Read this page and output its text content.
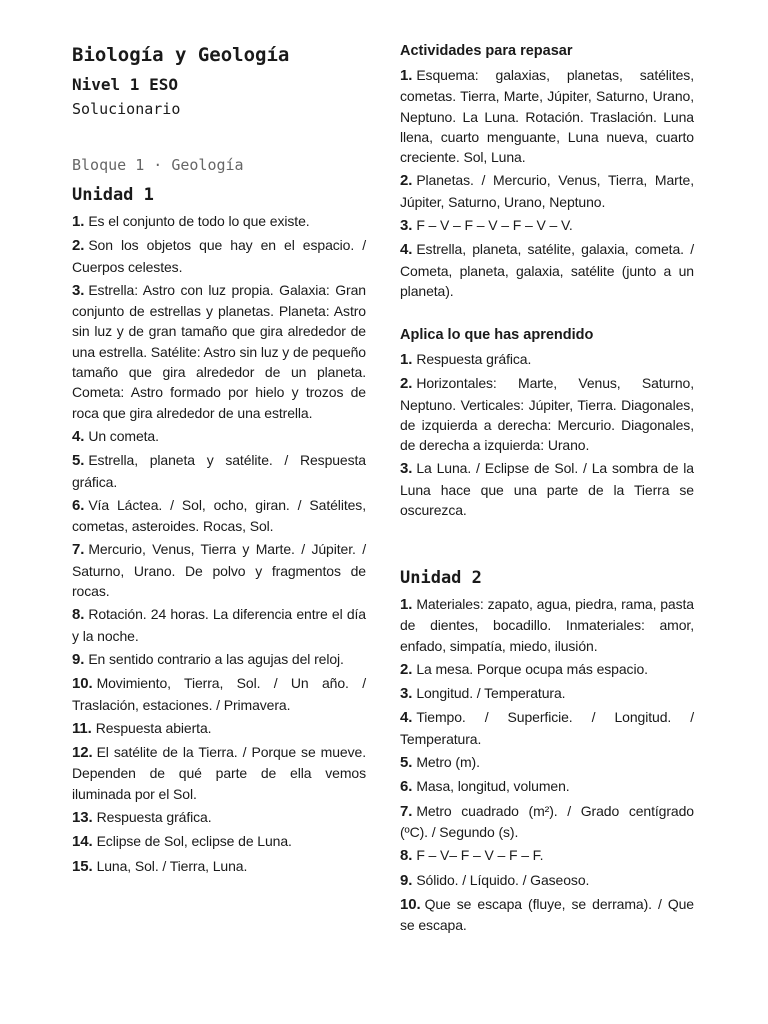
Biología y Geología
Nivel 1 ESO
Solucionario
Bloque 1 · Geología
Unidad 1

1. Es el conjunto de todo lo que existe.

2. Son los objetos que hay en el espacio. / Cuerpos celestes.

3. Estrella: Astro con luz propia. Galaxia: Gran conjunto de estrellas y planetas. Planeta: Astro sin luz y de gran tamaño que gira alrededor de una estrella. Satélite: Astro sin luz y de pequeño tamaño que gira alrededor de un planeta. Cometa: Astro formado por hielo y trozos de roca que gira alrededor de una estrella.

4. Un cometa.

5. Estrella, planeta y satélite. / Respuesta gráfica.

6. Vía Láctea. / Sol, ocho, giran. / Satélites, cometas, asteroides. Rocas, Sol.

7. Mercurio, Venus, Tierra y Marte. / Júpiter. / Saturno, Urano. De polvo y fragmentos de rocas.

8. Rotación. 24 horas. La diferencia entre el día y la noche.

9. En sentido contrario a las agujas del reloj.

10. Movimiento, Tierra, Sol. / Un año. / Traslación, estaciones. / Primavera.

11. Respuesta abierta.

12. El satélite de la Tierra. / Porque se mueve. Dependen de qué parte de ella vemos iluminada por el Sol.

13. Respuesta gráfica.

14. Eclipse de Sol, eclipse de Luna.

15. Luna, Sol. / Tierra, Luna.

Actividades para repasar

1. Esquema: galaxias, planetas, satélites, cometas. Tierra, Marte, Júpiter, Saturno, Urano, Neptuno. La Luna. Rotación. Traslación. Luna llena, cuarto menguante, Luna nueva, cuarto creciente. Sol, Luna.

2. Planetas. / Mercurio, Venus, Tierra, Marte, Júpiter, Saturno, Urano, Neptuno.

3. F – V – F – V – F – V – V.

4. Estrella, planeta, satélite, galaxia, cometa. / Cometa, planeta, galaxia, satélite (junto a un planeta).

Aplica lo que has aprendido

1. Respuesta gráfica.

2. Horizontales: Marte, Venus, Saturno, Neptuno. Verticales: Júpiter, Tierra. Diagonales, de izquierda a derecha: Mercurio. Diagonales, de derecha a izquierda: Urano.

3. La Luna. / Eclipse de Sol. / La sombra de la Luna hace que una parte de la Tierra se oscurezca.

Unidad 2

1. Materiales: zapato, agua, piedra, rama, pasta de dientes, bocadillo. Inmateriales: amor, enfado, simpatía, miedo, ilusión.

2. La mesa. Porque ocupa más espacio.

3. Longitud. / Temperatura.

4. Tiempo. / Superficie. / Longitud. / Temperatura.

5. Metro (m).

6. Masa, longitud, volumen.

7. Metro cuadrado (m²). / Grado centígrado (ºC). / Segundo (s).

8. F – V– F – V – F – F.

9. Sólido. / Líquido. / Gaseoso.

10. Que se escapa (fluye, se derrama). / Que se escapa.
